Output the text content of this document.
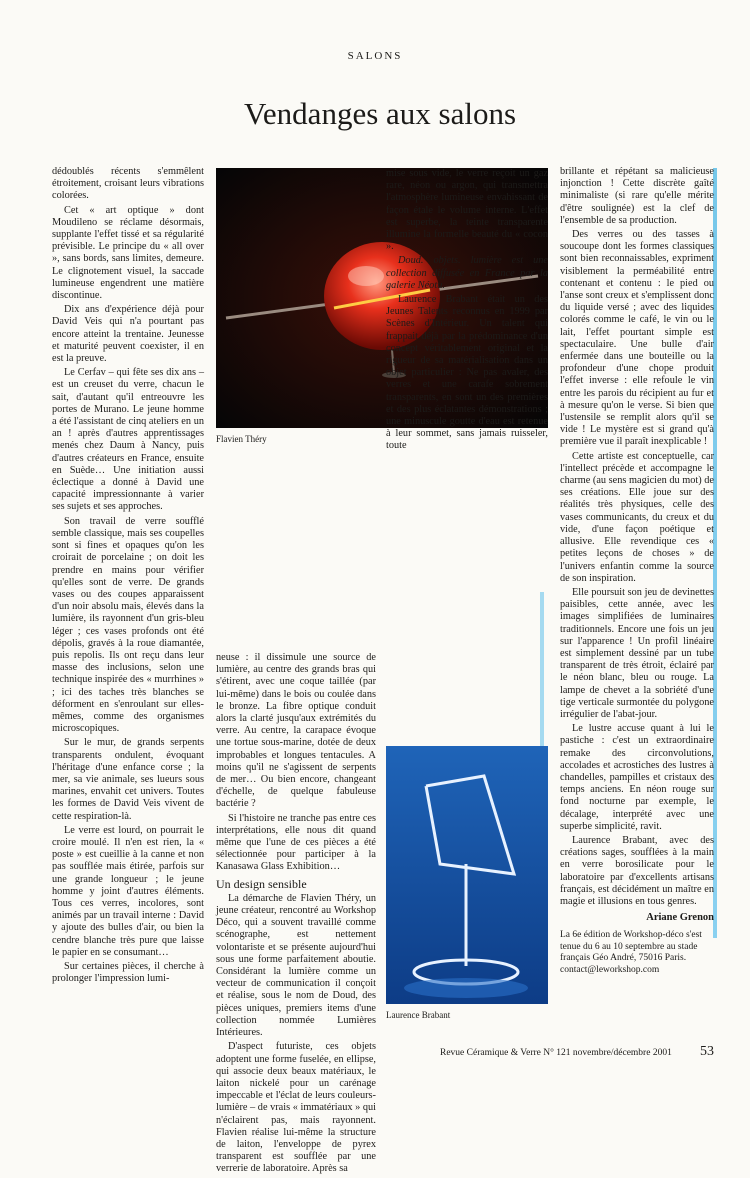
SALONS
Vendanges aux salons

dédoublés récents s'emmêlent étroitement, croisant leurs vibrations colorées.

Cet « art optique » dont Moudileno se réclame désormais, supplante l'effet tissé et sa régularité prévisible. Le principe du « all over », sans bords, sans limites, demeure. Le clignotement visuel, la saccade lumineuse engendrent une matière discontinue.

Dix ans d'expérience déjà pour David Veis qui n'a pourtant pas encore atteint la trentaine. Jeunesse et maturité peuvent coexister, il en est la preuve.

Le Cerfav – qui fête ses dix ans – est un creuset du verre, chacun le sait, d'autant qu'il entreouvre les portes de Murano. Le jeune homme a été l'assistant de cinq ateliers en un an ! après d'autres apprentissages menés chez Daum à Nancy, puis d'autres créateurs en France, ensuite en Suède… Une initiation aussi éclectique a donné à David une capacité impressionnante à varier ses sujets et ses approches.

Son travail de verre soufflé semble classique, mais ses coupelles sont si fines et opaques qu'on les croirait de porcelaine ; on doit les prendre en mains pour vérifier qu'elles sont de verre. De grands vases ou des coupes apparaissent d'un noir absolu mais, élevés dans la lumière, ils rayonnent d'un gris-bleu léger ; ces vases profonds ont été dépolis, gravés à la roue diamantée, puis repolis. Ils ont reçu dans leur masse des inclusions, selon une technique inspirée des « murrhines » ; ici des taches très blanches se déforment en s'enroulant sur elles-mêmes, comme des organismes microscopiques.

Sur le mur, de grands serpents transparents ondulent, évoquant l'héritage d'une enfance corse ; la mer, sa vie animale, ses lueurs sous marines, envahit cet univers. Toutes les formes de David Veis vivent de cette respiration-là.

Le verre est lourd, on pourrait le croire moulé. Il n'en est rien, la « poste » est cueillie à la canne et non pas soufflée mais étirée, parfois sur une grande longueur ; le jeune homme y joint d'autres éléments. Tous ces verres, incolores, sont animés par un travail interne : David y ajoute des bulles d'air, ou bien la cendre blanche très pure que laisse le papier en se consumant…

Sur certaines pièces, il cherche à prolonger l'impression lumi-

Flavien Théry

neuse : il dissimule une source de lumière, au centre des grands bras qui s'étirent, avec une coque taillée (par lui-même) dans le bois ou coulée dans le bronze. La fibre optique conduit alors la clarté jusqu'aux extrémités du verre. Au centre, la carapace évoque une tortue sous-marine, dotée de deux improbables et longues tentacules. A moins qu'il ne s'agissent de serpents de mer… Ou bien encore, changeant d'échelle, de quelque fabuleuse bactérie ?

Si l'histoire ne tranche pas entre ces interprétations, elle nous dit quand même que l'une de ces pièces a été sélectionnée pour participer à la Kanasawa Glass Exhibition…

Un design sensible

La démarche de Flavien Théry, un jeune créateur, rencontré au Workshop Déco, qui a souvent travaillé comme scénographe, est nettement volontariste et se présente aujourd'hui sous une forme parfaitement aboutie. Considérant la lumière comme un vecteur de communication il conçoit et réalise, sous le nom de Doud, des pièces uniques, premiers items d'une collection nommée Lumières Intérieures.

D'aspect futuriste, ces objets adoptent une forme fuselée, en ellipse, qui associe deux beaux matériaux, le laiton nickelé pour un carénage impeccable et l'éclat de leurs couleurs-lumière – de vrais « immatériaux » qui n'éclairent pas, mais rayonnent. Flavien réalise lui-même la structure de laiton, l'enveloppe de pyrex transparent est soufflée par une verrerie de laboratoire. Après sa

mise sous vide, le verre reçoit un gaz rare, néon ou argon, qui transmettra l'atmosphère lumineuse envahissant de façon étale le volume interne. L'effet est superbe, la teinte transparente illumine la formelle beauté du « cocon ».

Doud. objets. lumière est une collection diffusée en France par la galerie Néotu.

Laurence Brabant était un des Jeunes Talents reconnus en 1999 par Scènes d'Intérieur. Un talent qui frappait déjà par la prédominance d'un concept véritablement original et la rigueur de sa matérialisation dans un objet particulier : Ne pas avaler, des verres et une carafe sobrement transparents, en sont un des premières et des plus éclatantes démonstrations ; une minuscule goutte d'eau est retenue à leur sommet, sans jamais ruisseler, toute

Laurence Brabant

brillante et répétant sa malicieuse injonction ! Cette discrète gaîté minimaliste (si rare qu'elle mérite d'être soulignée) est la clef de l'ensemble de sa production.

Des verres ou des tasses à soucoupe dont les formes classiques sont bien reconnaissables, expriment visiblement la perméabilité entre contenant et contenu : le pied ou l'anse sont creux et s'emplissent donc du liquide versé ; avec des liquides colorés comme le café, le vin ou le lait, l'effet pourtant simple est spectaculaire. Une bulle d'air enfermée dans une bouteille ou la profondeur d'une chope produit l'effet inverse : elle refoule le vin entre les parois du récipient au fur et à mesure qu'on le verse. Si bien que l'ustensile se remplit alors qu'il se vide ! Le mystère est si grand qu'à première vue il paraît inexplicable !

Cette artiste est conceptuelle, car l'intellect précède et accompagne le charme (au sens magicien du mot) de ses créations. Elle joue sur des réalités très physiques, celle des vases communicants, du creux et du vide, d'une façon poétique et allusive. Elle revendique ces « petites leçons de choses » de l'univers enfantin comme la source de son inspiration.

Elle poursuit son jeu de devinettes paisibles, cette année, avec les images simplifiées de luminaires traditionnels. Encore une fois un jeu sur l'apparence ! Un profil linéaire est simplement dessiné par un tube transparent de très étroit, éclairé par le néon blanc, bleu ou rouge. La lampe de chevet a la sobriété d'une tige verticale surmontée du polygone irrégulier de l'abat-jour.

Le lustre accuse quant à lui le pastiche : c'est un extraordinaire remake des circonvolutions, accolades et acrostiches des lustres à chandelles, pampilles et cristaux des temps anciens. En néon rouge sur fond nocturne par exemple, le décalage, interprété avec une superbe simplicité, ravit.

Laurence Brabant, avec des créations sages, soufflées à la main en verre borosilicate pour le laboratoire par d'excellents artisans français, est décidément un maître en magie et illusions en tous genres.

Ariane Grenon
La 6e édition de Workshop-déco s'est tenue du 6 au 10 septembre au stade français Géo André, 75016 Paris. contact@leworkshop.com
Revue Céramique & Verre N° 121 novembre/décembre 2001 53
